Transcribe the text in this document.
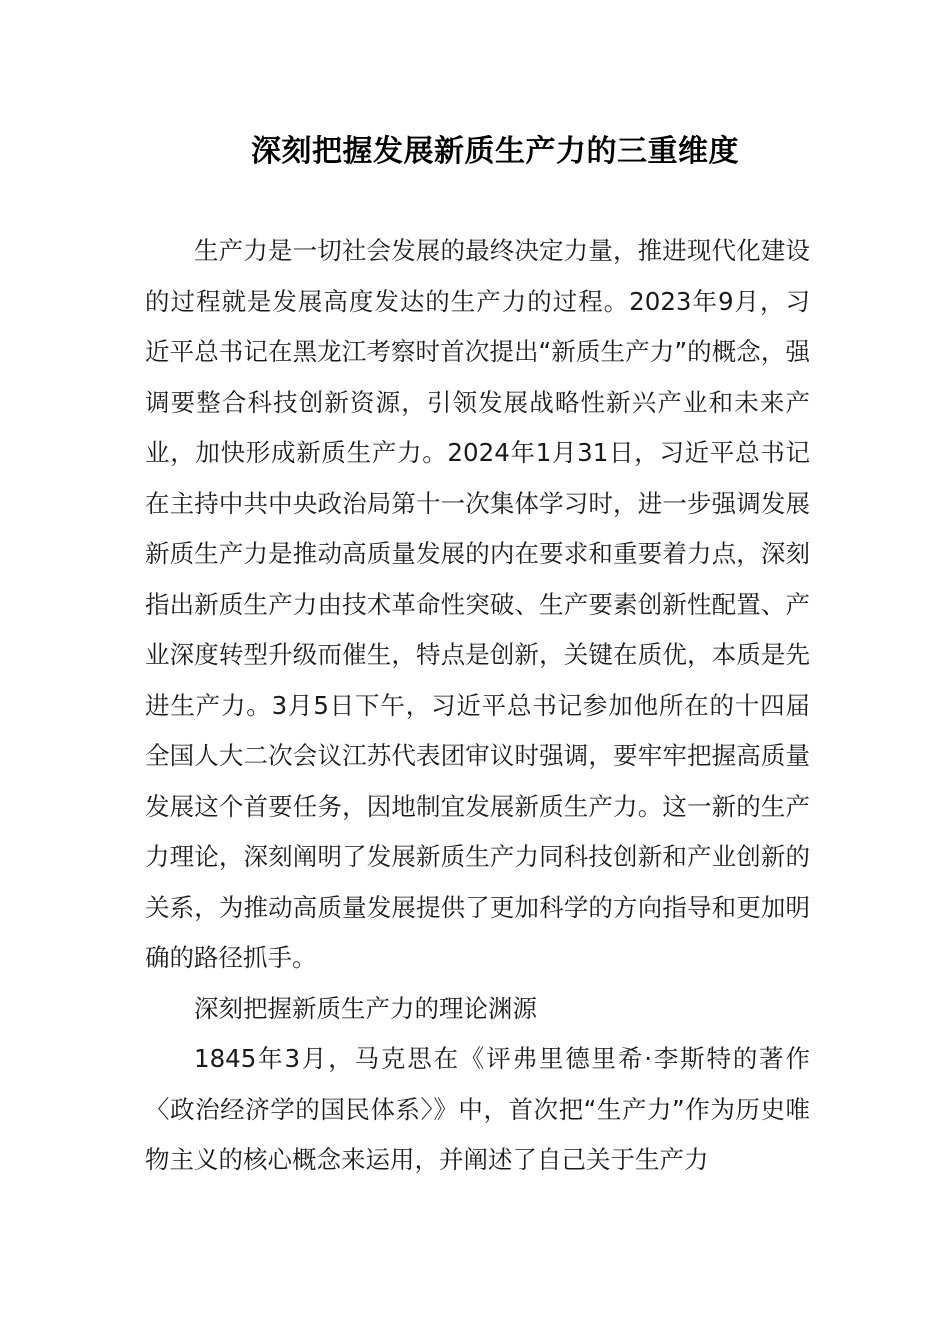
深刻把握发展新质生产力的三重维度

生产力是一切社会发展的最终决定力量，推进现代化建设的过程就是发展高度发达的生产力的过程。2023年9月，习近平总书记在黑龙江考察时首次提出“新质生产力”的概念，强调要整合科技创新资源，引领发展战略性新兴产业和未来产业，加快形成新质生产力。2024年1月31日，习近平总书记在主持中共中央政治局第十一次集体学习时，进一步强调发展新质生产力是推动高质量发展的内在要求和重要着力点，深刻指出新质生产力由技术革命性突破、生产要素创新性配置、产业深度转型升级而催生，特点是创新，关键在质优，本质是先进生产力。3月5日下午，习近平总书记参加他所在的十四届全国人大二次会议江苏代表团审议时强调，要牢牢把握高质量发展这个首要任务，因地制宜发展新质生产力。这一新的生产力理论，深刻阐明了发展新质生产力同科技创新和产业创新的关系，为推动高质量发展提供了更加科学的方向指导和更加明确的路径抓手。

深刻把握新质生产力的理论渊源

1845年3月，马克思在《评弗里德里希·李斯特的著作〈政治经济学的国民体系〉》中，首次把“生产力”作为历史唯物主义的核心概念来运用，并阐述了自己关于生产力
